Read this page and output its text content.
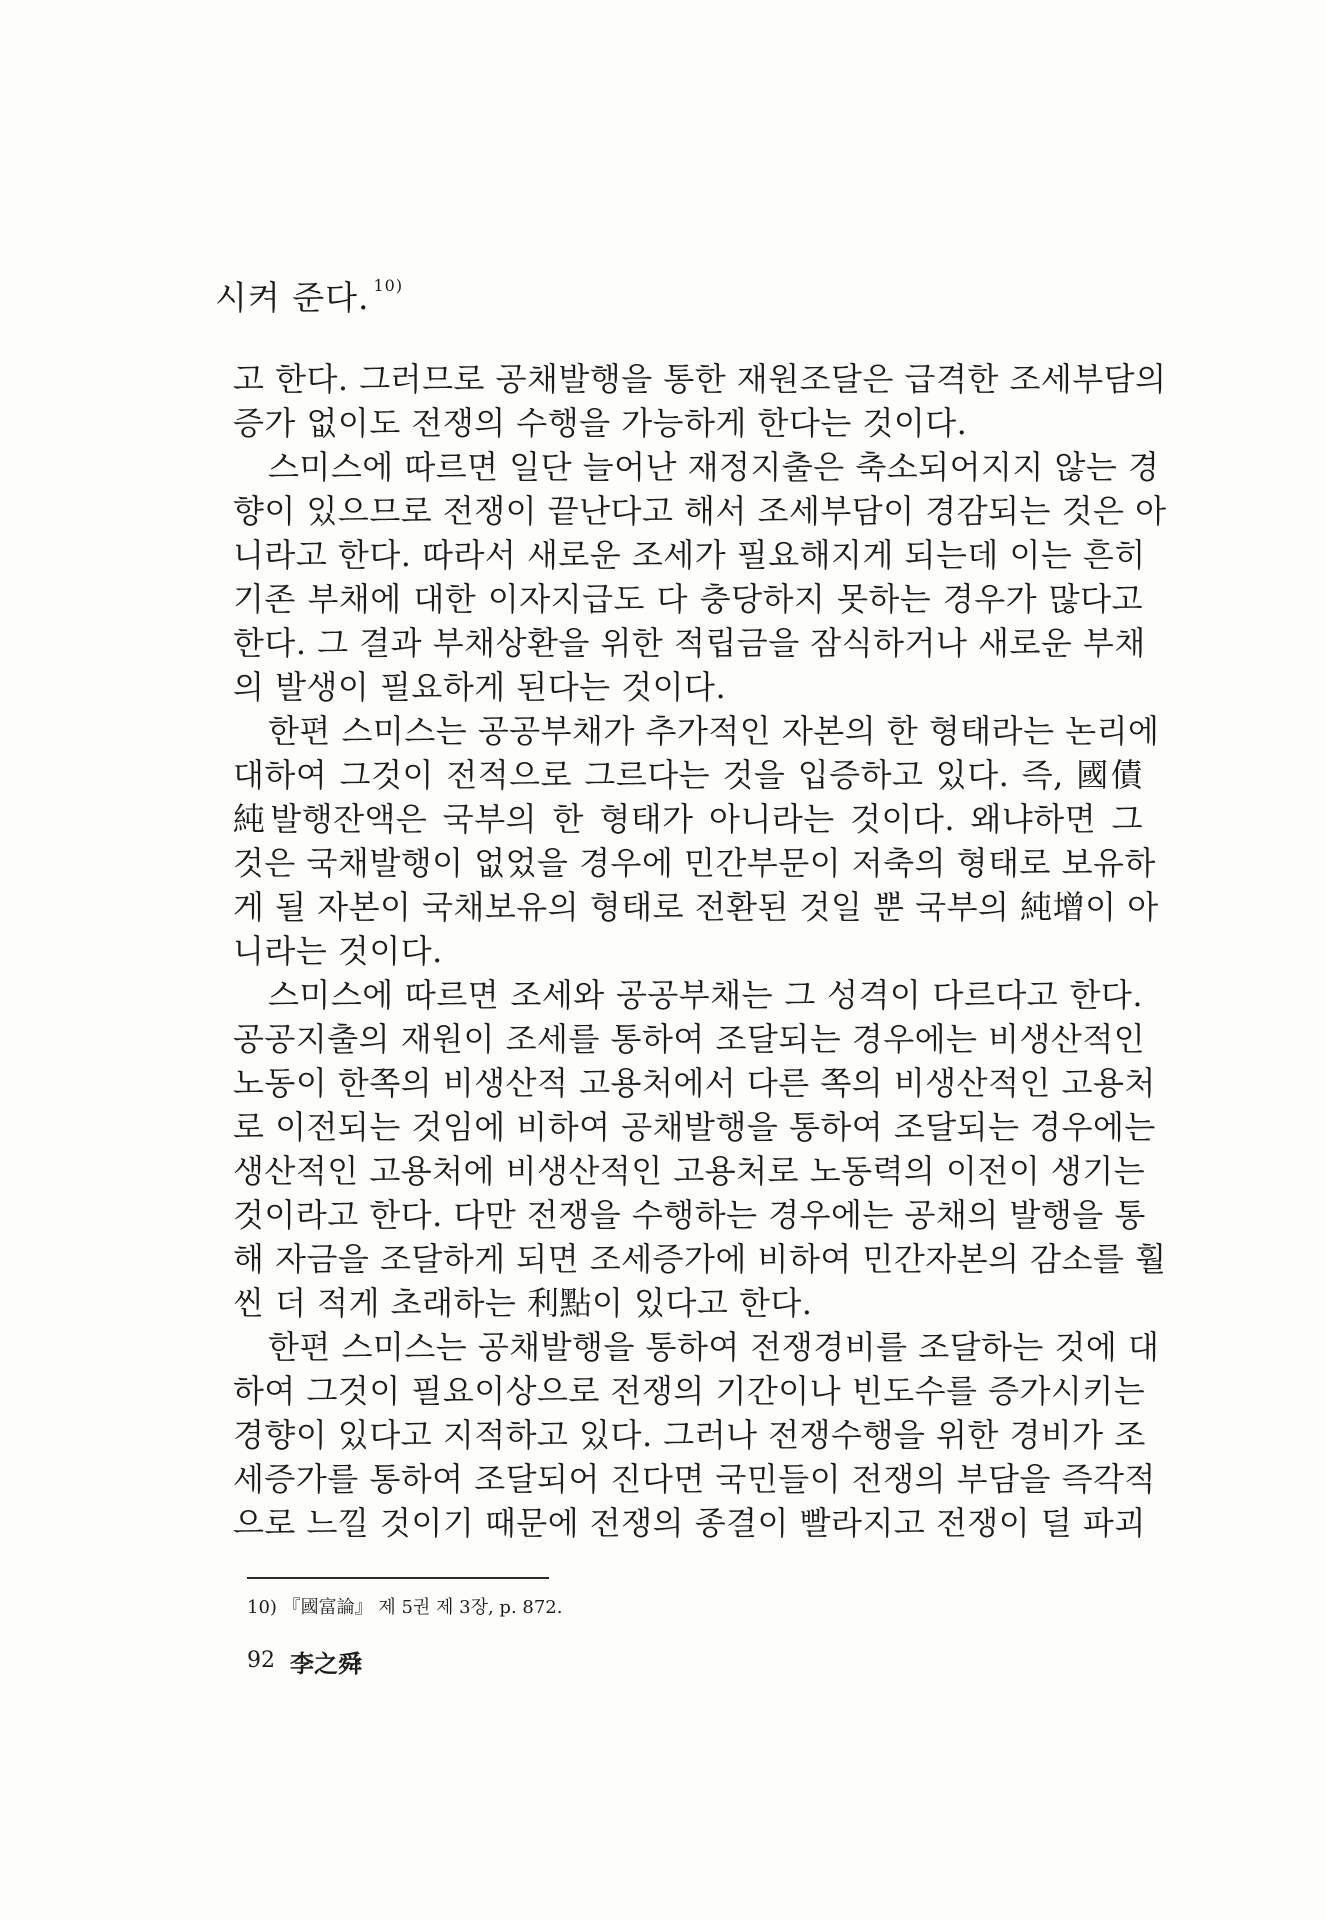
시켜 준다. $^{10)}$
고 한다. 그러므로 공채발행을 통한 재원조달은 급격한 조세부담의
증가 없이도 전쟁의 수행을 가능하게 한다는 것이다.
스미스에 따르면 일단 늘어난 재정지출은 축소되어지지 않는 경
향이 있으므로 전쟁이 끝난다고 해서 조세부담이 경감되는 것은 아
니라고 한다. 따라서 새로운 조세가 필요해지게 되는데 이는 흔히
기존 부채에 대한 이자지급도 다 충당하지 못하는 경우가 많다고
한다. 그 결과 부채상환을 위한 적립금을 잠식하거나 새로운 부채
의 발생이 필요하게 된다는 것이다.
한편 스미스는 공공부채가 추가적인 자본의 한 형태라는 논리에
대하여 그것이 전적으로 그르다는 것을 입증하고 있다. 즉, 國債
純발행잔액은 국부의 한 형태가 아니라는 것이다. 왜냐하면 그
것은 국채발행이 없었을 경우에 민간부문이 저축의 형태로 보유하
게 될 자본이 국채보유의 형태로 전환된 것일 뿐 국부의 純增이 아
니라는 것이다.
스미스에 따르면 조세와 공공부채는 그 성격이 다르다고 한다.
공공지출의 재원이 조세를 통하여 조달되는 경우에는 비생산적인
노동이 한쪽의 비생산적 고용처에서 다른 쪽의 비생산적인 고용처
로 이전되는 것임에 비하여 공채발행을 통하여 조달되는 경우에는
생산적인 고용처에 비생산적인 고용처로 노동력의 이전이 생기는
것이라고 한다. 다만 전쟁을 수행하는 경우에는 공채의 발행을 통
해 자금을 조달하게 되면 조세증가에 비하여 민간자본의 감소를 훨
씬 더 적게 초래하는 利點이 있다고 한다.
한편 스미스는 공채발행을 통하여 전쟁경비를 조달하는 것에 대
하여 그것이 필요이상으로 전쟁의 기간이나 빈도수를 증가시키는
경향이 있다고 지적하고 있다. 그러나 전쟁수행을 위한 경비가 조
세증가를 통하여 조달되어 진다면 국민들이 전쟁의 부담을 즉각적
으로 느낄 것이기 때문에 전쟁의 종결이 빨라지고 전쟁이 덜 파괴
10) 『國富論』 제 5권 제 3장, p. 872.
92 李之舜
